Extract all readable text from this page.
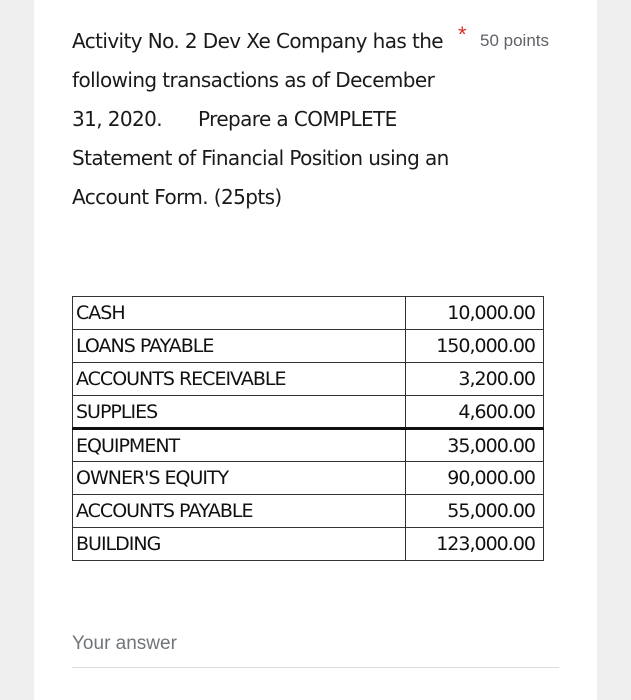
Activity No. 2 Dev Xe Company has the
following transactions as of December
31, 2020. Prepare a COMPLETE
Statement of Financial Position using an
Account Form. (25pts)
* 50 points
CASH	10,000.00
LOANS PAYABLE	150,000.00
ACCOUNTS RECEIVABLE	3,200.00
SUPPLIES	4,600.00
EQUIPMENT	35,000.00
OWNER'S EQUITY	90,000.00
ACCOUNTS PAYABLE	55,000.00
BUILDING	123,000.00
Your answer
